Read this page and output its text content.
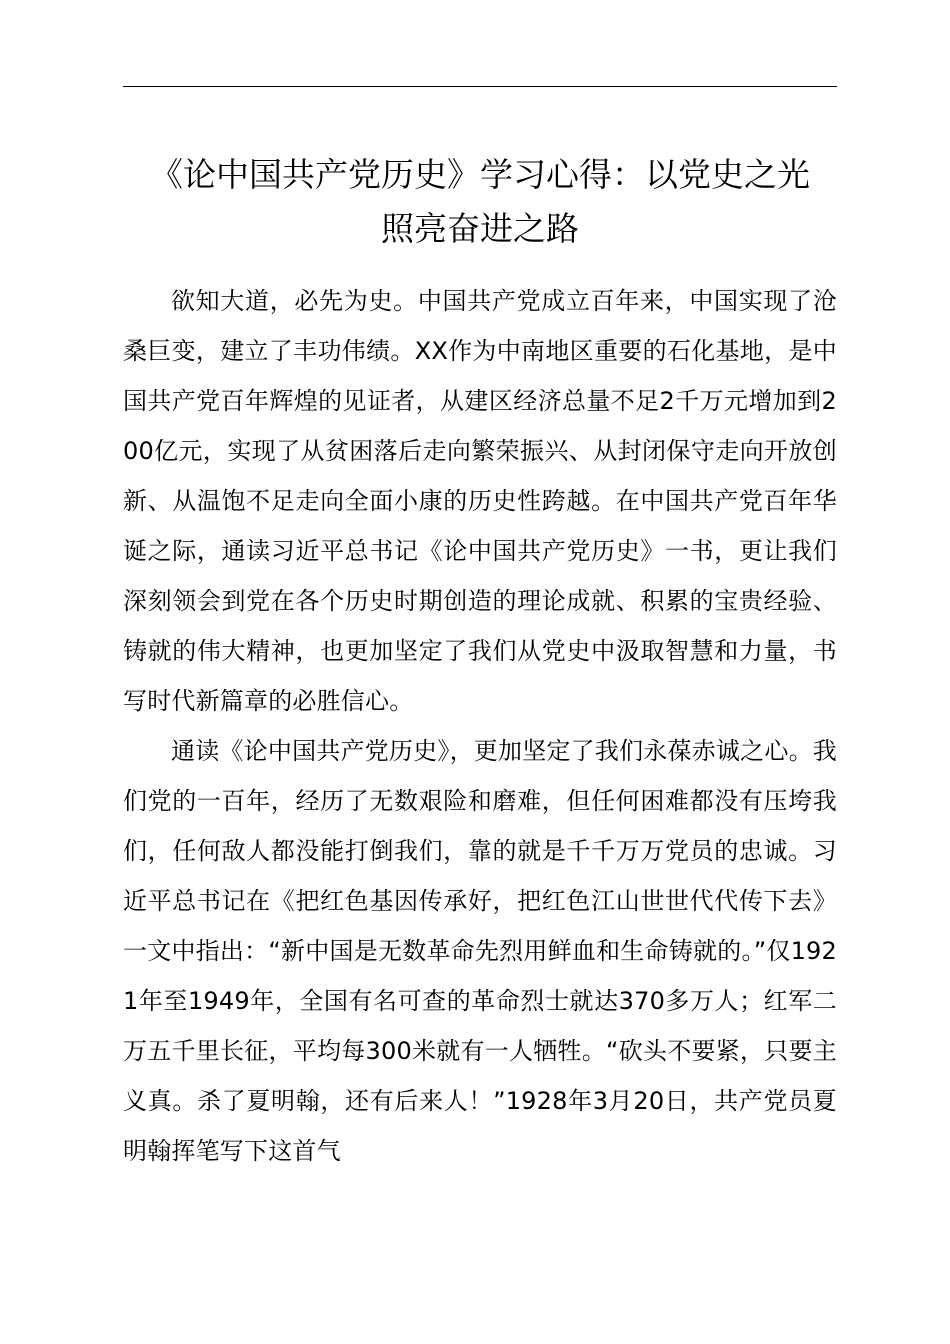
《论中国共产党历史》学习心得：以党史之光
照亮奋进之路

欲知大道，必先为史。中国共产党成立百年来，中国实现了沧桑巨变，建立了丰功伟绩。XX作为中南地区重要的石化基地，是中国共产党百年辉煌的见证者，从建区经济总量不足2千万元增加到200亿元，实现了从贫困落后走向繁荣振兴、从封闭保守走向开放创新、从温饱不足走向全面小康的历史性跨越。在中国共产党百年华诞之际，通读习近平总书记《论中国共产党历史》一书，更让我们深刻领会到党在各个历史时期创造的理论成就、积累的宝贵经验、铸就的伟大精神，也更加坚定了我们从党史中汲取智慧和力量，书写时代新篇章的必胜信心。

通读《论中国共产党历史》，更加坚定了我们永葆赤诚之心。我们党的一百年，经历了无数艰险和磨难，但任何困难都没有压垮我们，任何敌人都没能打倒我们，靠的就是千千万万党员的忠诚。习近平总书记在《把红色基因传承好，把红色江山世世代代传下去》一文中指出：“新中国是无数革命先烈用鲜血和生命铸就的。”仅1921年至1949年，全国有名可查的革命烈士就达370多万人；红军二万五千里长征，平均每300米就有一人牺牲。“砍头不要紧，只要主义真。杀了夏明翰，还有后来人！”1928年3月20日，共产党员夏明翰挥笔写下这首气
